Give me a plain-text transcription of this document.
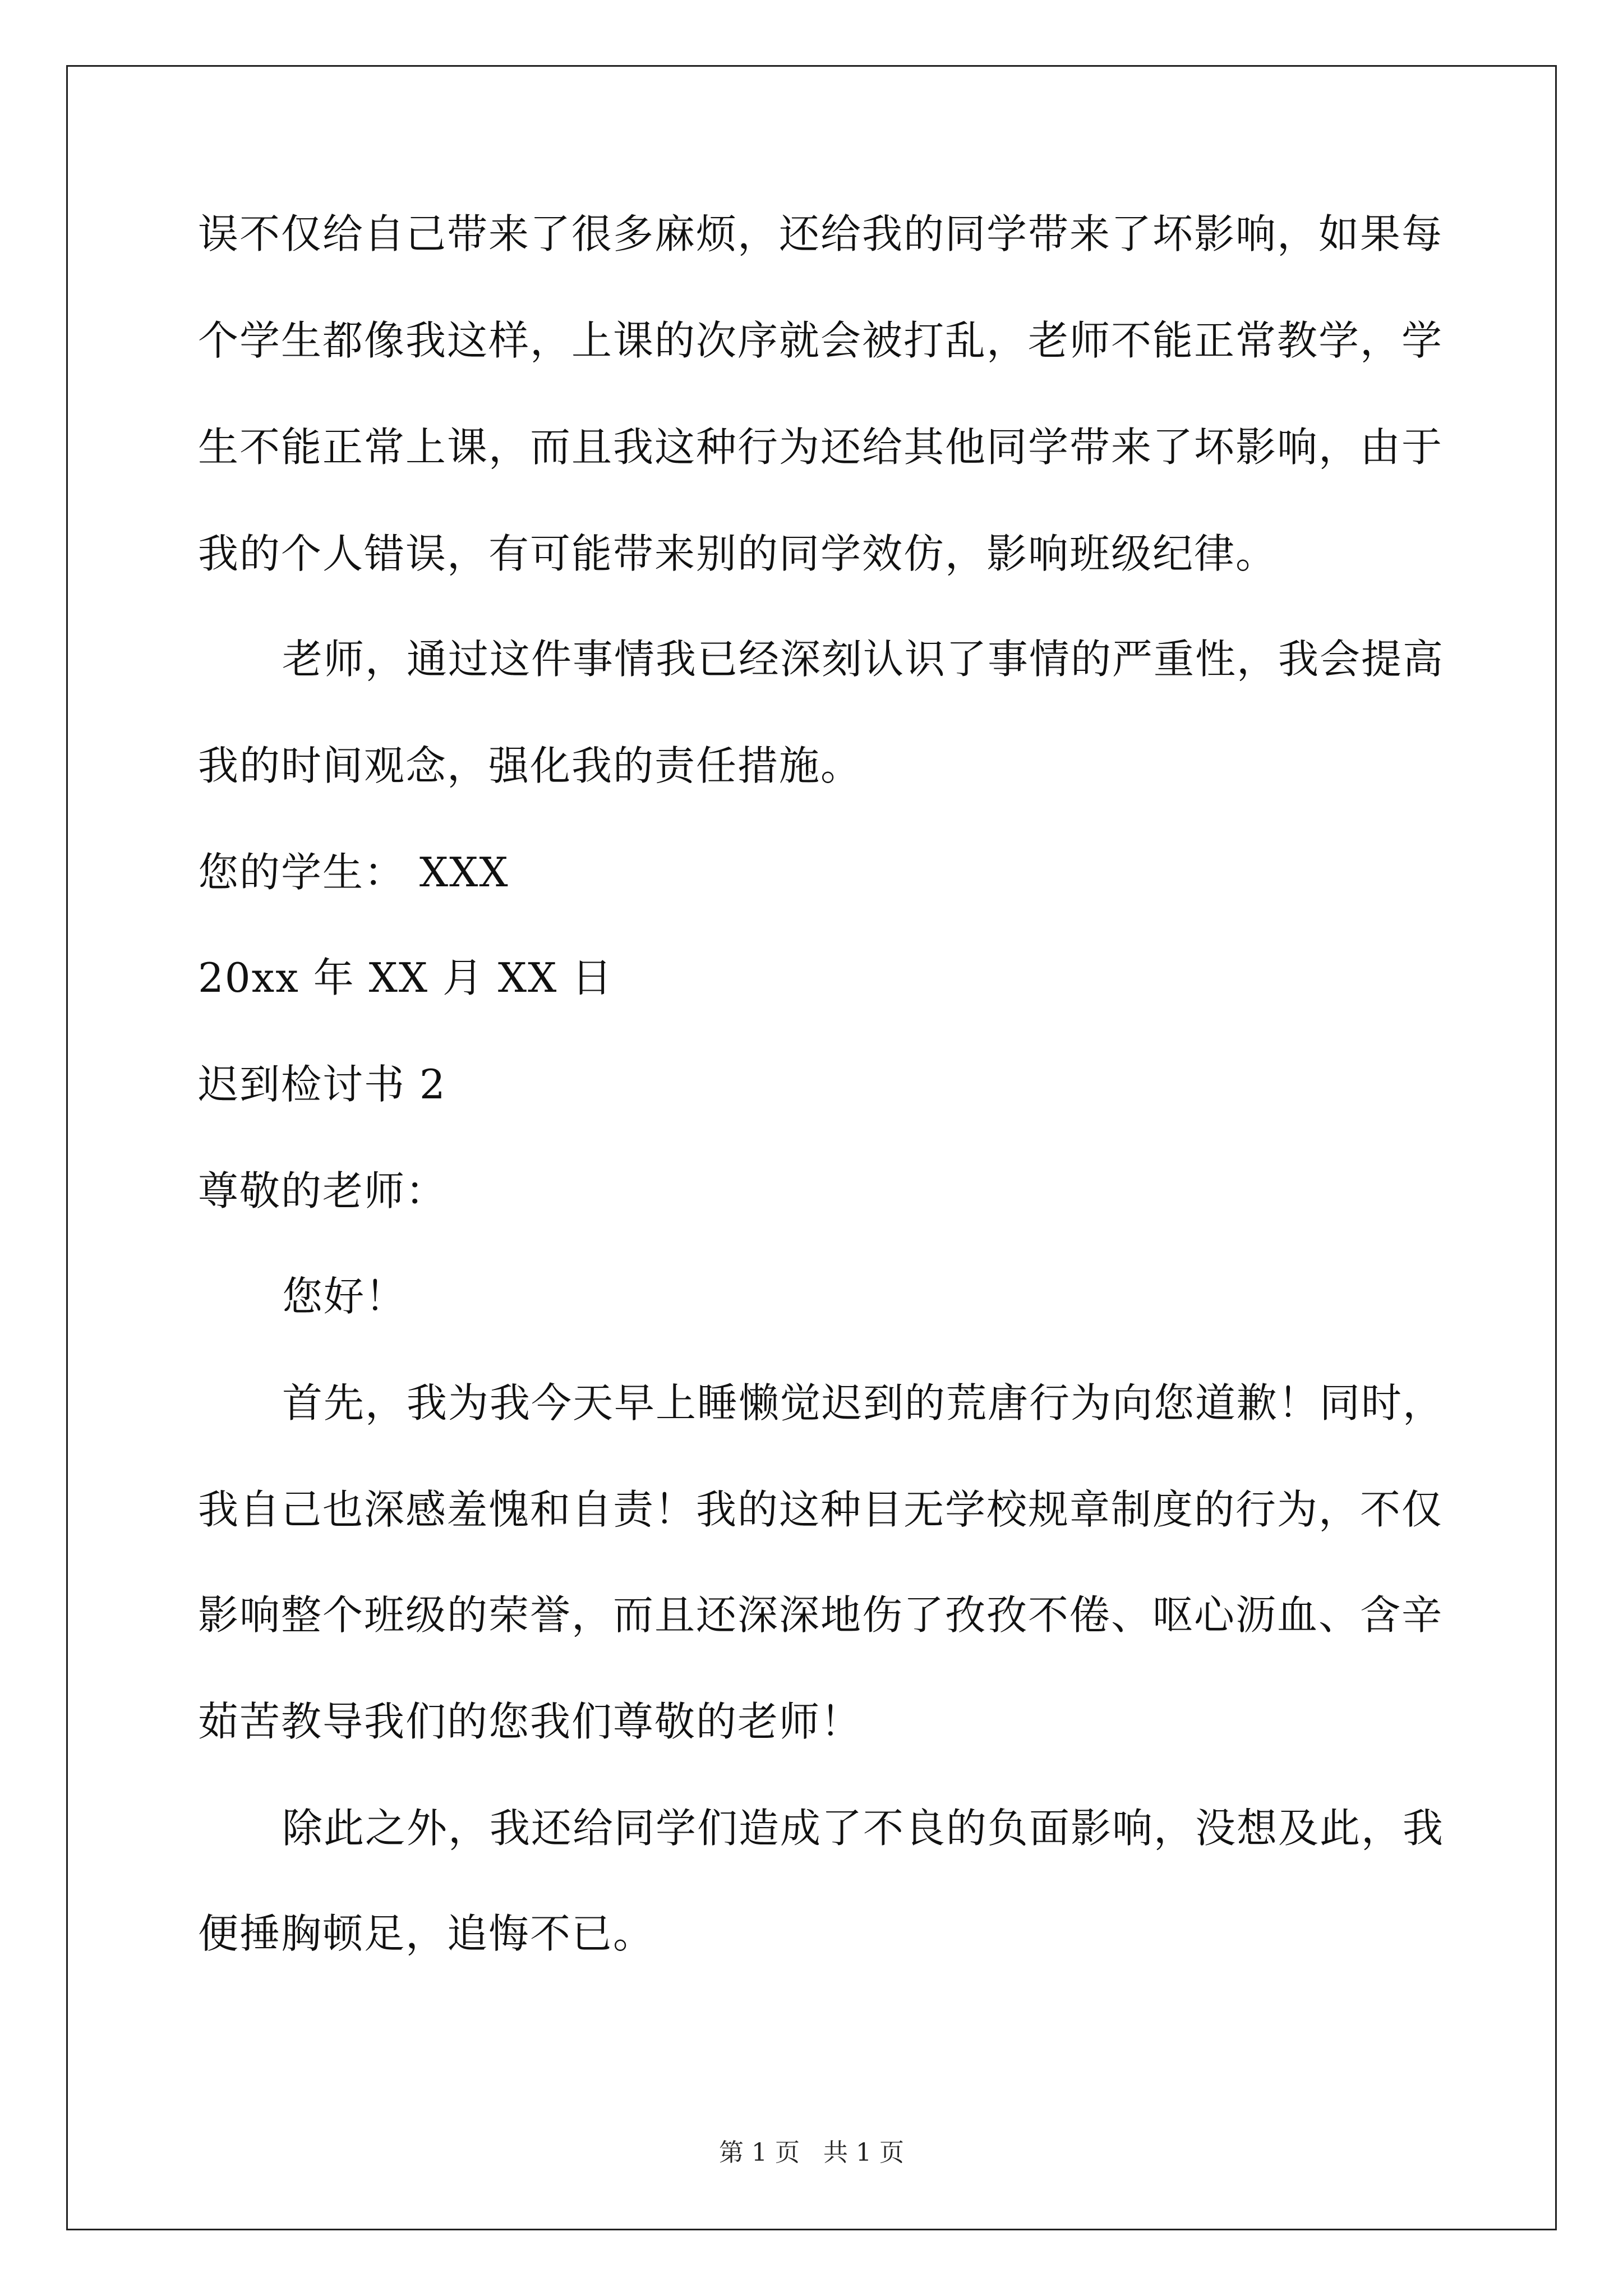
误不仅给自己带来了很多麻烦，还给我的同学带来了坏影响，如果每
个学生都像我这样，上课的次序就会被打乱，老师不能正常教学，学
生不能正常上课，而且我这种行为还给其他同学带来了坏影响，由于
我的个人错误，有可能带来别的同学效仿，影响班级纪律。
老师，通过这件事情我已经深刻认识了事情的严重性，我会提高
我的时间观念，强化我的责任措施。
您的学生： XXX
20xx 年 XX 月 XX 日
迟到检讨书 2
尊敬的老师：
您好！
首先，我为我今天早上睡懒觉迟到的荒唐行为向您道歉！同时，
我自己也深感羞愧和自责！我的这种目无学校规章制度的行为，不仅
影响整个班级的荣誉，而且还深深地伤了孜孜不倦、呕心沥血、含辛
茹苦教导我们的您我们尊敬的老师！
除此之外，我还给同学们造成了不良的负面影响，没想及此，我
便捶胸顿足，追悔不已。
第 1 页   共 1 页
